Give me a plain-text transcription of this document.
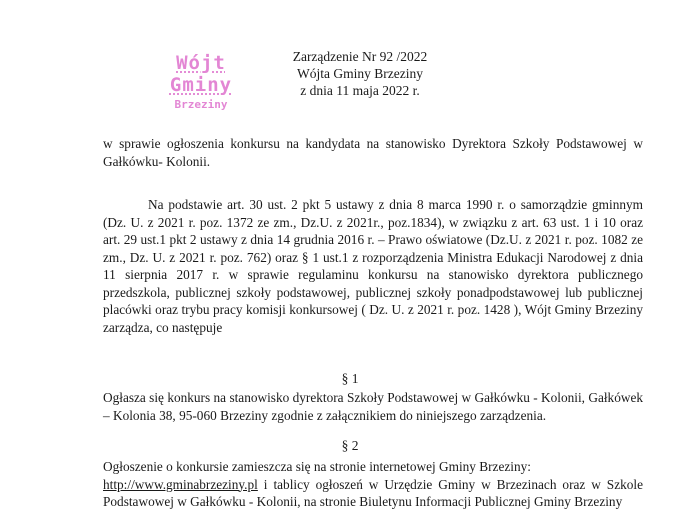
Wójt Gminy
Brzeziny
Zarządzenie Nr 92 /2022
Wójta Gminy Brzeziny
z dnia 11 maja 2022 r.
w sprawie ogłoszenia konkursu na kandydata na stanowisko Dyrektora Szkoły Podstawowej w Gałkówku- Kolonii.
Na podstawie art. 30 ust. 2 pkt 5 ustawy z dnia 8 marca 1990 r. o samorządzie gminnym (Dz. U. z 2021 r. poz. 1372 ze zm., Dz.U. z 2021r., poz.1834), w związku z art. 63 ust. 1 i 10 oraz art. 29 ust.1 pkt 2 ustawy z dnia 14 grudnia 2016 r. – Prawo oświatowe (Dz.U. z 2021 r. poz. 1082 ze zm., Dz. U. z 2021 r. poz. 762) oraz § 1 ust.1 z rozporządzenia Ministra Edukacji Narodowej z dnia 11 sierpnia 2017 r. w sprawie regulaminu konkursu na stanowisko dyrektora publicznego przedszkola, publicznej szkoły podstawowej, publicznej szkoły ponadpodstawowej lub publicznej placówki oraz trybu pracy komisji konkursowej ( Dz. U. z 2021 r. poz. 1428 ), Wójt Gminy Brzeziny zarządza, co następuje
§ 1
Ogłasza się konkurs na stanowisko dyrektora Szkoły Podstawowej w Gałkówku - Kolonii, Gałkówek – Kolonia 38, 95-060 Brzeziny zgodnie z załącznikiem do niniejszego zarządzenia.
§ 2
Ogłoszenie o konkursie zamieszcza się na stronie internetowej Gminy Brzeziny:
http://www.gminabrzeziny.pl i tablicy ogłoszeń w Urzędzie Gminy w Brzezinach oraz w Szkole Podstawowej w Gałkówku - Kolonii, na stronie Biuletynu Informacji Publicznej Gminy Brzeziny
